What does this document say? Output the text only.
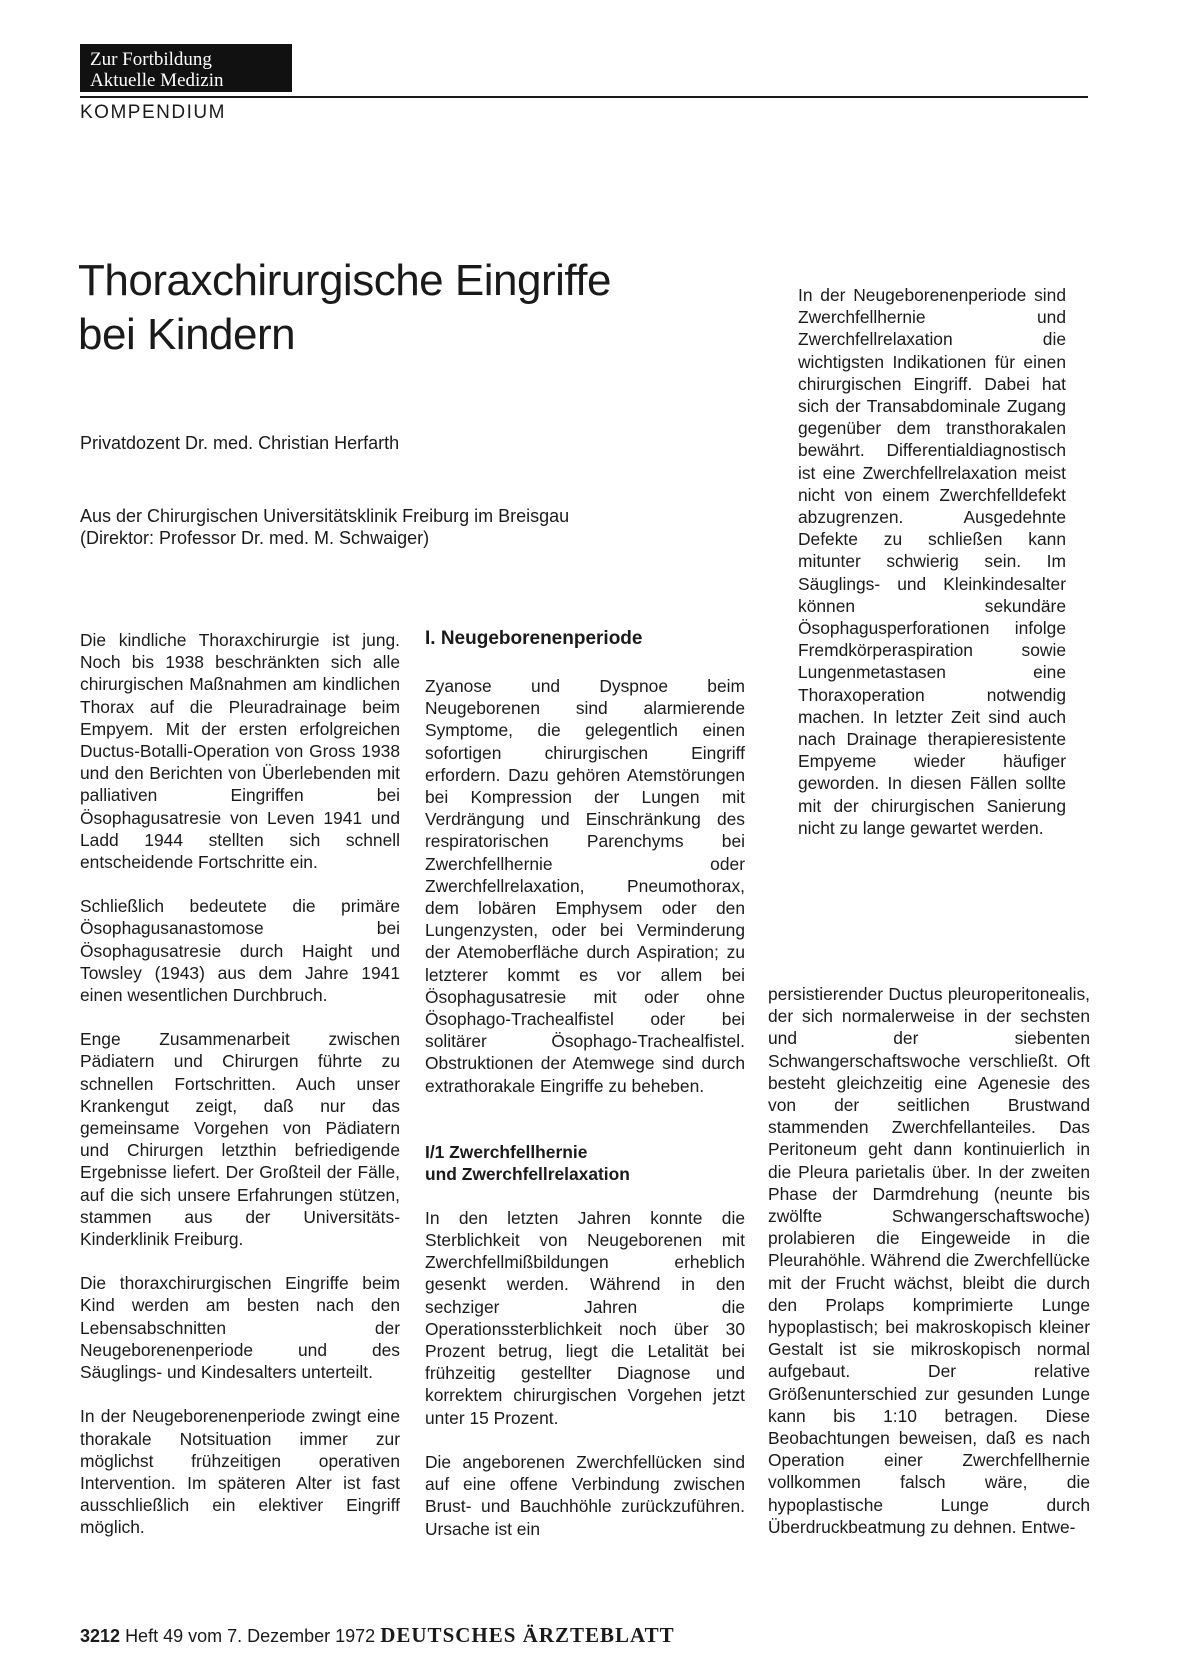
Zur Fortbildung
Aktuelle Medizin
KOMPENDIUM
Thoraxchirurgische Eingriffe
bei Kindern
Privatdozent Dr. med. Christian Herfarth
Aus der Chirurgischen Universitätsklinik Freiburg im Breisgau
(Direktor: Professor Dr. med. M. Schwaiger)

Die kindliche Thoraxchirurgie ist jung. Noch bis 1938 beschränkten sich alle chirurgischen Maßnahmen am kindlichen Thorax auf die Pleuradrainage beim Empyem. Mit der ersten erfolgreichen Ductus-Botalli-Operation von Gross 1938 und den Berichten von Überlebenden mit palliativen Eingriffen bei Ösophagusatresie von Leven 1941 und Ladd 1944 stellten sich schnell entscheidende Fortschritte ein.

Schließlich bedeutete die primäre Ösophagusanastomose bei Ösophagusatresie durch Haight und Towsley (1943) aus dem Jahre 1941 einen wesentlichen Durchbruch.

Enge Zusammenarbeit zwischen Pädiatern und Chirurgen führte zu schnellen Fortschritten. Auch unser Krankengut zeigt, daß nur das gemeinsame Vorgehen von Pädiatern und Chirurgen letzthin befriedigende Ergebnisse liefert. Der Großteil der Fälle, auf die sich unsere Erfahrungen stützen, stammen aus der Universitäts-Kinderklinik Freiburg.

Die thoraxchirurgischen Eingriffe beim Kind werden am besten nach den Lebensabschnitten der Neugeborenenperiode und des Säuglings- und Kindesalters unterteilt.

In der Neugeborenenperiode zwingt eine thorakale Notsituation immer zur möglichst frühzeitigen operativen Intervention. Im späteren Alter ist fast ausschließlich ein elektiver Eingriff möglich.

I. Neugeborenenperiode

Zyanose und Dyspnoe beim Neugeborenen sind alarmierende Symptome, die gelegentlich einen sofortigen chirurgischen Eingriff erfordern. Dazu gehören Atemstörungen bei Kompression der Lungen mit Verdrängung und Einschränkung des respiratorischen Parenchyms bei Zwerchfellhernie oder Zwerchfellrelaxation, Pneumothorax, dem lobären Emphysem oder den Lungenzysten, oder bei Verminderung der Atemoberfläche durch Aspiration; zu letzterer kommt es vor allem bei Ösophagusatresie mit oder ohne Ösophago-Trachealfistel oder bei solitärer Ösophago-Trachealfistel. Obstruktionen der Atemwege sind durch extrathorakale Eingriffe zu beheben.

I/1 Zwerchfellhernie
und Zwerchfellrelaxation

In den letzten Jahren konnte die Sterblichkeit von Neugeborenen mit Zwerchfellmißbildungen erheblich gesenkt werden. Während in den sechziger Jahren die Operationssterblichkeit noch über 30 Prozent betrug, liegt die Letalität bei frühzeitig gestellter Diagnose und korrektem chirurgischen Vorgehen jetzt unter 15 Prozent.

Die angeborenen Zwerchfellücken sind auf eine offene Verbindung zwischen Brust- und Bauchhöhle zurückzuführen. Ursache ist ein

In der Neugeborenenperiode sind Zwerchfellhernie und Zwerchfellrelaxation die wichtigsten Indikationen für einen chirurgischen Eingriff. Dabei hat sich der Transabdominale Zugang gegenüber dem transthorakalen bewährt. Differentialdiagnostisch ist eine Zwerchfellrelaxation meist nicht von einem Zwerchfelldefekt abzugrenzen. Ausgedehnte Defekte zu schließen kann mitunter schwierig sein. Im Säuglings- und Kleinkindesalter können sekundäre Ösophagusperforationen infolge Fremdkörperaspiration sowie Lungenmetastasen eine Thoraxoperation notwendig machen. In letzter Zeit sind auch nach Drainage therapieresistente Empyeme wieder häufiger geworden. In diesen Fällen sollte mit der chirurgischen Sanierung nicht zu lange gewartet werden.

persistierender Ductus pleuroperitonealis, der sich normalerweise in der sechsten und der siebenten Schwangerschaftswoche verschließt. Oft besteht gleichzeitig eine Agenesie des von der seitlichen Brustwand stammenden Zwerchfellanteiles. Das Peritoneum geht dann kontinuierlich in die Pleura parietalis über. In der zweiten Phase der Darmdrehung (neunte bis zwölfte Schwangerschaftswoche) prolabieren die Eingeweide in die Pleurahöhle. Während die Zwerchfellücke mit der Frucht wächst, bleibt die durch den Prolaps komprimierte Lunge hypoplastisch; bei makroskopisch kleiner Gestalt ist sie mikroskopisch normal aufgebaut. Der relative Größenunterschied zur gesunden Lunge kann bis 1:10 betragen. Diese Beobachtungen beweisen, daß es nach Operation einer Zwerchfellhernie vollkommen falsch wäre, die hypoplastische Lunge durch Überdruckbeatmung zu dehnen. Entwe-

3212 Heft 49 vom 7. Dezember 1972 DEUTSCHES ÄRZTEBLATT
